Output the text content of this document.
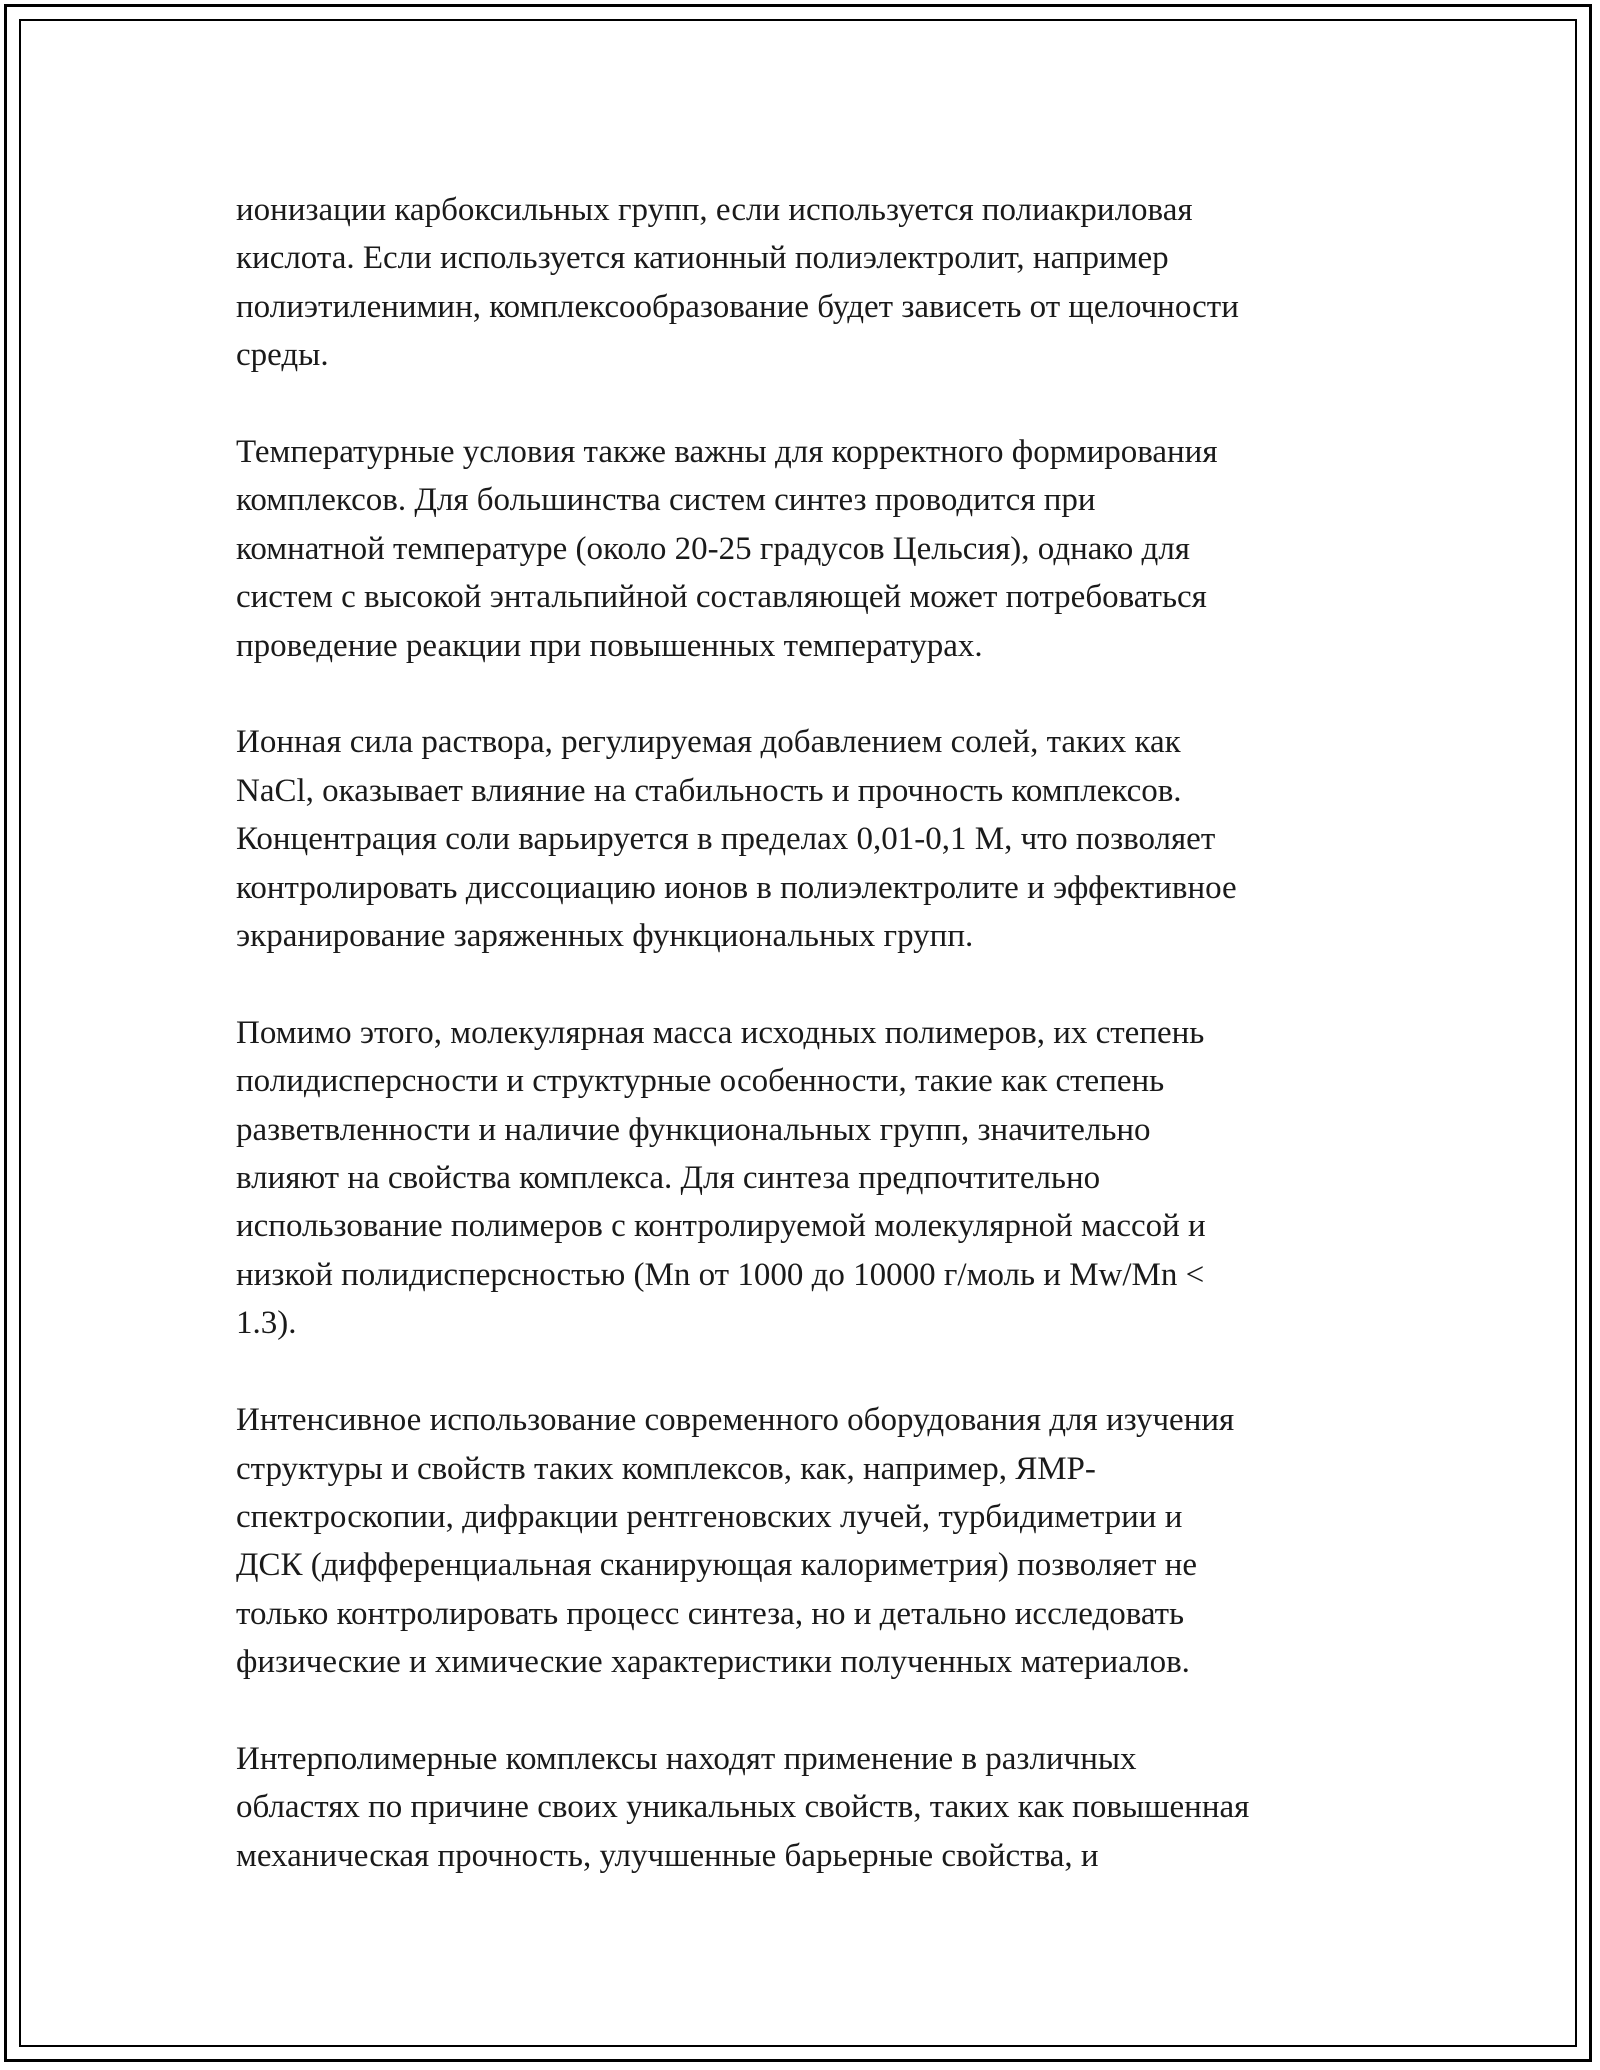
ионизации карбоксильных групп, если используется полиакриловая
кислота. Если используется катионный полиэлектролит, например
полиэтиленимин, комплексообразование будет зависеть от щелочности
среды.

Температурные условия также важны для корректного формирования
комплексов. Для большинства систем синтез проводится при
комнатной температуре (около 20-25 градусов Цельсия), однако для
систем с высокой энтальпийной составляющей может потребоваться
проведение реакции при повышенных температурах.

Ионная сила раствора, регулируемая добавлением солей, таких как
NaCl, оказывает влияние на стабильность и прочность комплексов.
Концентрация соли варьируется в пределах 0,01-0,1 М, что позволяет
контролировать диссоциацию ионов в полиэлектролите и эффективное
экранирование заряженных функциональных групп.

Помимо этого, молекулярная масса исходных полимеров, их степень
полидисперсности и структурные особенности, такие как степень
разветвленности и наличие функциональных групп, значительно
влияют на свойства комплекса. Для синтеза предпочтительно
использование полимеров с контролируемой молекулярной массой и
низкой полидисперсностью (Mn от 1000 до 10000 г/моль и Mw/Mn <
1.3).

Интенсивное использование современного оборудования для изучения
структуры и свойств таких комплексов, как, например, ЯМР-
спектроскопии, дифракции рентгеновских лучей, турбидиметрии и
ДСК (дифференциальная сканирующая калориметрия) позволяет не
только контролировать процесс синтеза, но и детально исследовать
физические и химические характеристики полученных материалов.

Интерполимерные комплексы находят применение в различных
областях по причине своих уникальных свойств, таких как повышенная
механическая прочность, улучшенные барьерные свойства, и
